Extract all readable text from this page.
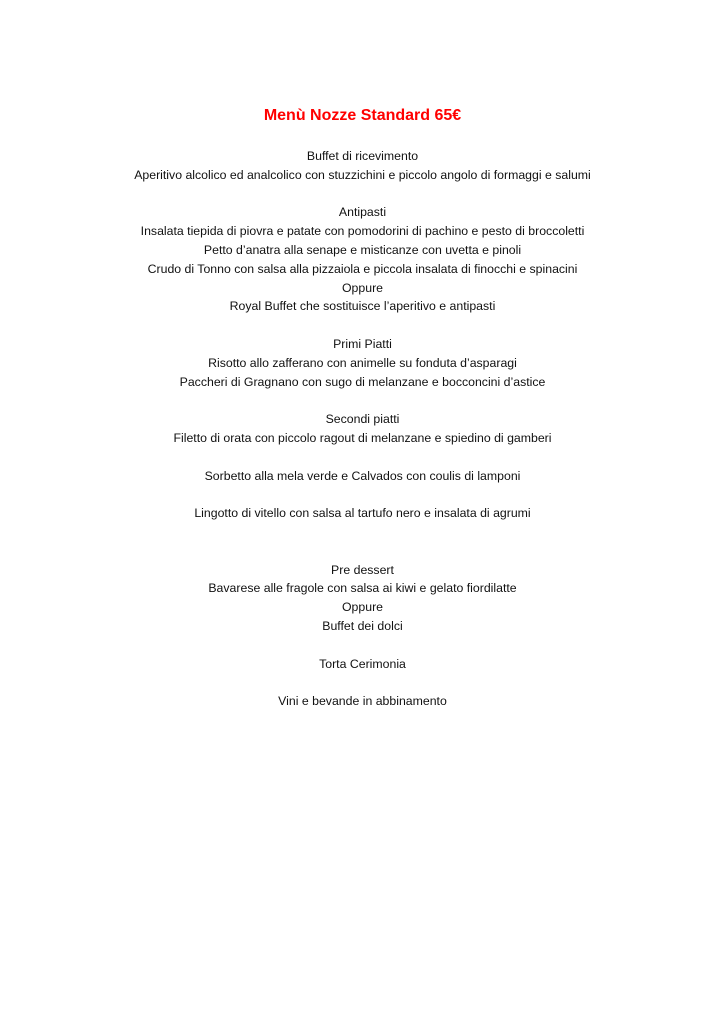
Menù Nozze Standard 65€
Buffet di ricevimento
Aperitivo alcolico ed analcolico con stuzzichini e piccolo angolo di formaggi e salumi
Antipasti
Insalata tiepida di piovra e patate con pomodorini di pachino e pesto di broccoletti
Petto d’anatra alla senape e misticanze con uvetta e pinoli
Crudo di Tonno con salsa alla pizzaiola e piccola insalata di finocchi e spinacini
Oppure
Royal Buffet che sostituisce l’aperitivo e antipasti
Primi Piatti
Risotto allo zafferano con animelle su fonduta d’asparagi
Paccheri di Gragnano con sugo di melanzane e bocconcini d’astice
Secondi piatti
Filetto di orata con piccolo ragout di melanzane e spiedino di gamberi
Sorbetto alla mela verde e Calvados con coulis di lamponi
Lingotto di vitello con salsa al tartufo nero e insalata di agrumi
Pre dessert
Bavarese alle fragole con salsa ai kiwi e gelato fiordilatte
Oppure
Buffet dei dolci
Torta Cerimonia
Vini e bevande in abbinamento
